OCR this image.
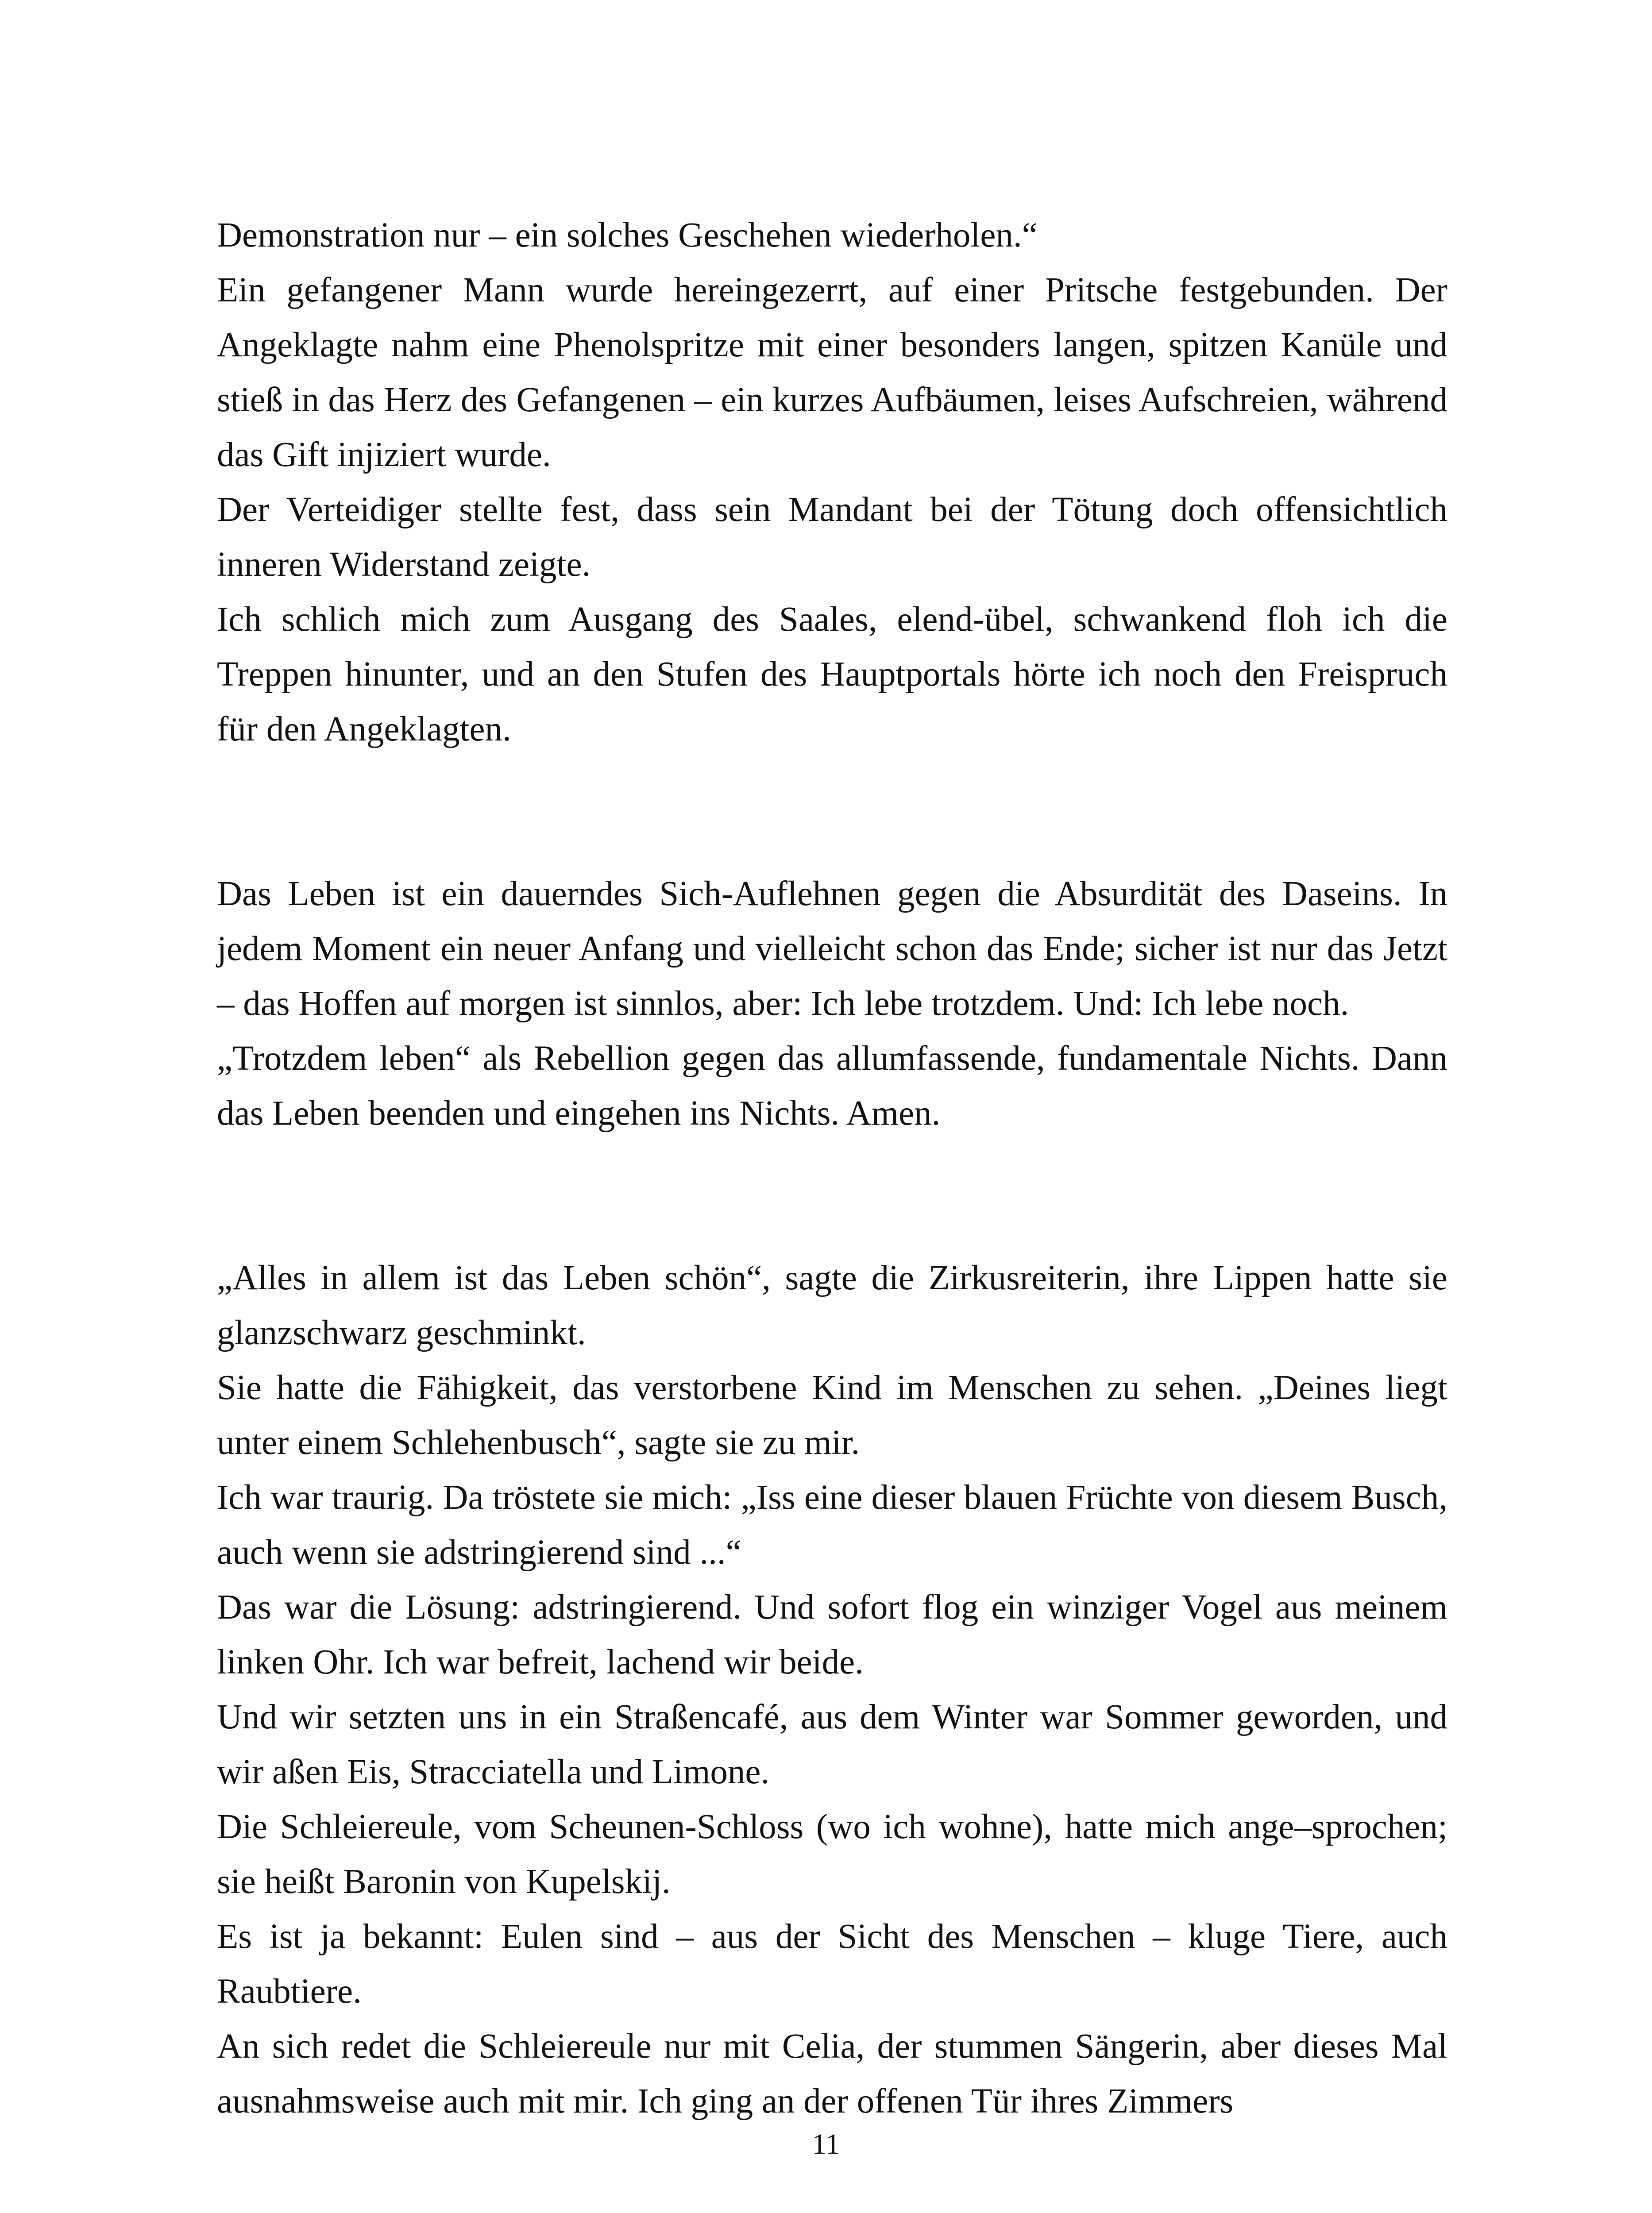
Demonstration nur – ein solches Geschehen wiederholen.“

Ein gefangener Mann wurde hereingezerrt, auf einer Pritsche festgebunden. Der Angeklagte nahm eine Phenolspritze mit einer besonders langen, spitzen Kanüle und stieß in das Herz des Gefangenen – ein kurzes Aufbäumen, leises Aufschreien, während das Gift injiziert wurde.

Der Verteidiger stellte fest, dass sein Mandant bei der Tötung doch offensichtlich inneren Widerstand zeigte.

Ich schlich mich zum Ausgang des Saales, elend-übel, schwankend floh ich die Treppen hinunter, und an den Stufen des Hauptportals hörte ich noch den Freispruch für den Angeklagten.

Das Leben ist ein dauerndes Sich-Auflehnen gegen die Absurdität des Daseins. In jedem Moment ein neuer Anfang und vielleicht schon das Ende; sicher ist nur das Jetzt – das Hoffen auf morgen ist sinnlos, aber: Ich lebe trotzdem. Und: Ich lebe noch.

„Trotzdem leben“ als Rebellion gegen das allumfassende, fundamentale Nichts. Dann das Leben beenden und eingehen ins Nichts. Amen.

„Alles in allem ist das Leben schön“, sagte die Zirkusreiterin, ihre Lippen hatte sie glanzschwarz geschminkt.

Sie hatte die Fähigkeit, das verstorbene Kind im Menschen zu sehen. „Deines liegt unter einem Schlehenbusch“, sagte sie zu mir.

Ich war traurig. Da tröstete sie mich: „Iss eine dieser blauen Früchte von diesem Busch, auch wenn sie adstringierend sind ...“

Das war die Lösung: adstringierend. Und sofort flog ein winziger Vogel aus meinem linken Ohr. Ich war befreit, lachend wir beide.

Und wir setzten uns in ein Straßencafé, aus dem Winter war Sommer geworden, und wir aßen Eis, Stracciatella und Limone.

Die Schleiereule, vom Scheunen-Schloss (wo ich wohne), hatte mich ange–sprochen; sie heißt Baronin von Kupelskij.

Es ist ja bekannt: Eulen sind – aus der Sicht des Menschen – kluge Tiere, auch Raubtiere.

An sich redet die Schleiereule nur mit Celia, der stummen Sängerin, aber dieses Mal ausnahmsweise auch mit mir. Ich ging an der offenen Tür ihres Zimmers

11
